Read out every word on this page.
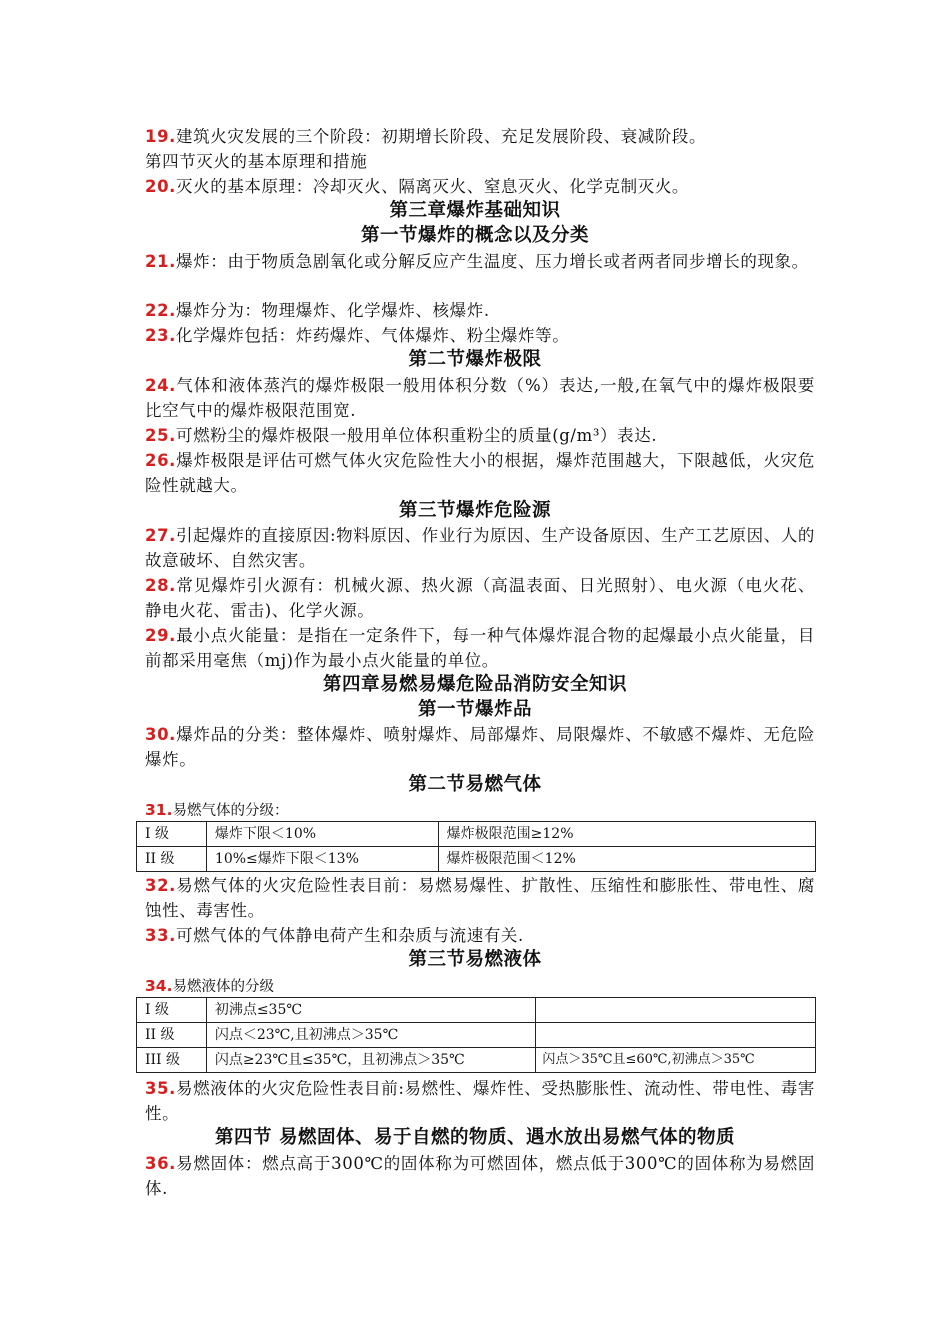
19.建筑火灾发展的三个阶段：初期增长阶段、充足发展阶段、衰减阶段。
第四节灭火的基本原理和措施
20.灭火的基本原理：冷却灭火、隔离灭火、窒息灭火、化学克制灭火。
第三章爆炸基础知识
第一节爆炸的概念以及分类
21.爆炸：由于物质急剧氧化或分解反应产生温度、压力增长或者两者同步增长的现象。
22.爆炸分为：物理爆炸、化学爆炸、核爆炸.
23.化学爆炸包括：炸药爆炸、气体爆炸、粉尘爆炸等。
第二节爆炸极限
24.气体和液体蒸汽的爆炸极限一般用体积分数（%）表达,一般,在氧气中的爆炸极限要比空气中的爆炸极限范围宽.
25.可燃粉尘的爆炸极限一般用单位体积重粉尘的质量(g/m³）表达.
26.爆炸极限是评估可燃气体火灾危险性大小的根据，爆炸范围越大，下限越低，火灾危险性就越大。
第三节爆炸危险源
27.引起爆炸的直接原因:物料原因、作业行为原因、生产设备原因、生产工艺原因、人的故意破坏、自然灾害。
28.常见爆炸引火源有：机械火源、热火源（高温表面、日光照射）、电火源（电火花、静电火花、雷击)、化学火源。
29.最小点火能量：是指在一定条件下，每一种气体爆炸混合物的起爆最小点火能量，目前都采用毫焦（mj)作为最小点火能量的单位。
第四章易燃易爆危险品消防安全知识
第一节爆炸品
30.爆炸品的分类：整体爆炸、喷射爆炸、局部爆炸、局限爆炸、不敏感不爆炸、无危险爆炸。
第二节易燃气体
31.易燃气体的分级：
I 级	爆炸下限＜10%	爆炸极限范围≥12%
II 级	10%≤爆炸下限＜13%	爆炸极限范围＜12%
32.易燃气体的火灾危险性表目前：易燃易爆性、扩散性、压缩性和膨胀性、带电性、腐蚀性、毒害性。
33.可燃气体的气体静电荷产生和杂质与流速有关.
第三节易燃液体
34.易燃液体的分级
I 级	初沸点≤35℃	
II 级	闪点＜23℃,且初沸点＞35℃	
III 级	闪点≥23℃且≤35℃，且初沸点＞35℃	闪点＞35℃且≤60℃,初沸点＞35℃
35.易燃液体的火灾危险性表目前:易燃性、爆炸性、受热膨胀性、流动性、带电性、毒害性。
第四节 易燃固体、易于自燃的物质、遇水放出易燃气体的物质
36.易燃固体：燃点高于300℃的固体称为可燃固体，燃点低于300℃的固体称为易燃固体.
